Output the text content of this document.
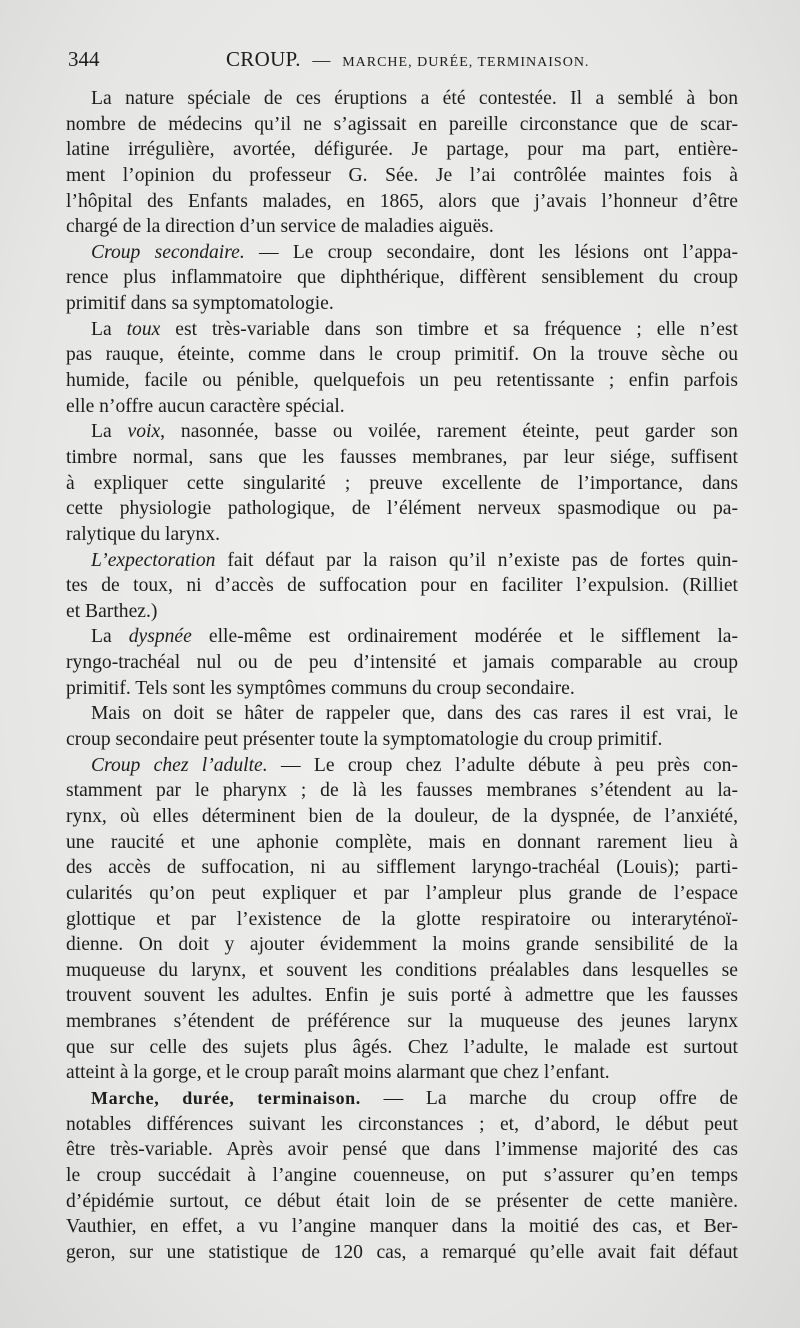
344	CROUP. — MARCHE, DURÉE, TERMINAISON.
La nature spéciale de ces éruptions a été contestée. Il a semblé à bon
nombre de médecins qu’il ne s’agissait en pareille circonstance que de scar-
latine irrégulière, avortée, défigurée. Je partage, pour ma part, entière-
ment l’opinion du professeur G. Sée. Je l’ai contrôlée maintes fois à
l’hôpital des Enfants malades, en 1865, alors que j’avais l’honneur d’être
chargé de la direction d’un service de maladies aiguës.
Croup secondaire. — Le croup secondaire, dont les lésions ont l’appa-
rence plus inflammatoire que diphthérique, diffèrent sensiblement du croup
primitif dans sa symptomatologie.
La toux est très-variable dans son timbre et sa fréquence ; elle n’est
pas rauque, éteinte, comme dans le croup primitif. On la trouve sèche ou
humide, facile ou pénible, quelquefois un peu retentissante ; enfin parfois
elle n’offre aucun caractère spécial.
La voix, nasonnée, basse ou voilée, rarement éteinte, peut garder son
timbre normal, sans que les fausses membranes, par leur siége, suffisent
à expliquer cette singularité ; preuve excellente de l’importance, dans
cette physiologie pathologique, de l’élément nerveux spasmodique ou pa-
ralytique du larynx.
L’expectoration fait défaut par la raison qu’il n’existe pas de fortes quin-
tes de toux, ni d’accès de suffocation pour en faciliter l’expulsion. (Rilliet
et Barthez.)
La dyspnée elle-même est ordinairement modérée et le sifflement la-
ryngo-trachéal nul ou de peu d’intensité et jamais comparable au croup
primitif. Tels sont les symptômes communs du croup secondaire.
Mais on doit se hâter de rappeler que, dans des cas rares il est vrai, le
croup secondaire peut présenter toute la symptomatologie du croup primitif.
Croup chez l’adulte. — Le croup chez l’adulte débute à peu près con-
stamment par le pharynx ; de là les fausses membranes s’étendent au la-
rynx, où elles déterminent bien de la douleur, de la dyspnée, de l’anxiété,
une raucité et une aphonie complète, mais en donnant rarement lieu à
des accès de suffocation, ni au sifflement laryngo-trachéal (Louis); parti-
cularités qu’on peut expliquer et par l’ampleur plus grande de l’espace
glottique et par l’existence de la glotte respiratoire ou interaryténoï-
dienne. On doit y ajouter évidemment la moins grande sensibilité de la
muqueuse du larynx, et souvent les conditions préalables dans lesquelles se
trouvent souvent les adultes. Enfin je suis porté à admettre que les fausses
membranes s’étendent de préférence sur la muqueuse des jeunes larynx
que sur celle des sujets plus âgés. Chez l’adulte, le malade est surtout
atteint à la gorge, et le croup paraît moins alarmant que chez l’enfant.
Marche, durée, terminaison. — La marche du croup offre de
notables différences suivant les circonstances ; et, d’abord, le début peut
être très-variable. Après avoir pensé que dans l’immense majorité des cas
le croup succédait à l’angine couenneuse, on put s’assurer qu’en temps
d’épidémie surtout, ce début était loin de se présenter de cette manière.
Vauthier, en effet, a vu l’angine manquer dans la moitié des cas, et Ber-
geron, sur une statistique de 120 cas, a remarqué qu’elle avait fait défaut
